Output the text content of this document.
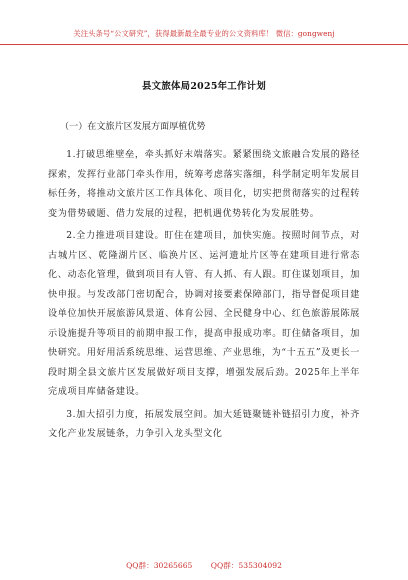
关注头条号“公文研究”，获得最新最全最专业的公文资料库！ 微信：gongwenj
县文旅体局2025年工作计划
（一）在文旅片区发展方面厚植优势

1.打破思维壁垒，牵头抓好末端落实。紧紧围绕文旅融合发展的路径探索，发挥行业部门牵头作用，统筹考虑落实落细，科学制定明年发展目标任务，将推动文旅片区工作具体化、项目化，切实把贯彻落实的过程转变为借势破题、借力发展的过程，把机遇优势转化为发展胜势。

2.全力推进项目建设。盯住在建项目，加快实施。按照时间节点，对古城片区、乾隆湖片区、临涣片区、运河遗址片区等在建项目进行常态化、动态化管理，做到项目有人管、有人抓、有人跟。盯住谋划项目，加快申报。与发改部门密切配合，协调对接要素保障部门，指导督促项目建设单位加快开展旅游风景道、体育公园、全民健身中心、红色旅游展陈展示设施提升等项目的前期申报工作，提高申报成功率。盯住储备项目，加快研究。用好用活系统思维、运营思维、产业思维，为“十五五”及更长一段时期全县文旅片区发展做好项目支撑，增强发展后劲。2025年上半年完成项目库储备建设。

3.加大招引力度，拓展发展空间。加大延链聚链补链招引力度，补齐文化产业发展链条，力争引入龙头型文化

QQ群：30265665 QQ群：535304092
